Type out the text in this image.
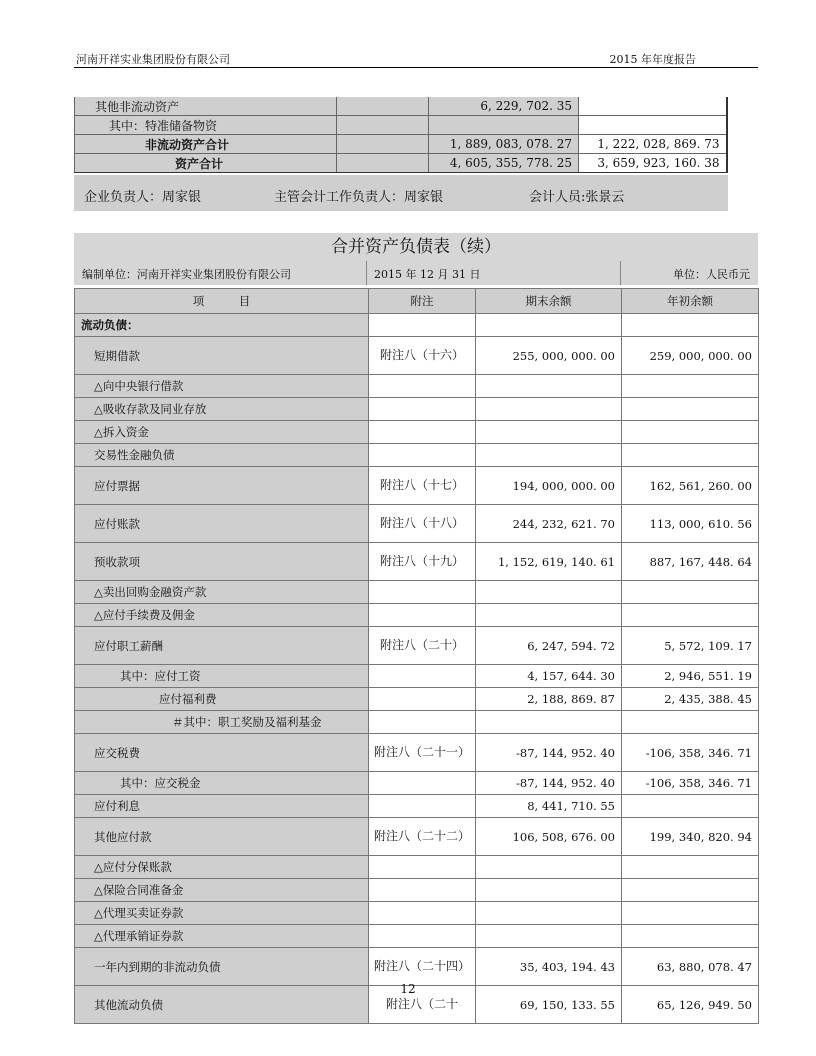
河南开祥实业集团股份有限公司	2015 年年度报告
其他非流动资产		6, 229, 702. 35	
其中：特准储备物资			
非流动资产合计		1, 889, 083, 078. 27	1, 222, 028, 869. 73
资产合计		4, 605, 355, 778. 25	3, 659, 923, 160. 38
企业负责人：周家银	主管会计工作负责人：周家银	会计人员:张景云
合并资产负债表（续）
编制单位：河南开祥实业集团股份有限公司	2015 年 12 月 31 日	单位：人民币元
项　　　目	附注	期末余额	年初余额
流动负债：			
短期借款	附注八（十六）	255, 000, 000. 00	259, 000, 000. 00
△向中央银行借款			
△吸收存款及同业存放			
△拆入资金			
交易性金融负债			
应付票据	附注八（十七）	194, 000, 000. 00	162, 561, 260. 00
应付账款	附注八（十八）	244, 232, 621. 70	113, 000, 610. 56
预收款项	附注八（十九）	1, 152, 619, 140. 61	887, 167, 448. 64
△卖出回购金融资产款			
△应付手续费及佣金			
应付职工薪酬	附注八（二十）	6, 247, 594. 72	5, 572, 109. 17
其中：应付工资		4, 157, 644. 30	2, 946, 551. 19
应付福利费		2, 188, 869. 87	2, 435, 388. 45
＃其中：职工奖励及福利基金			
应交税费	附注八（二十一）	-87, 144, 952. 40	-106, 358, 346. 71
其中：应交税金		-87, 144, 952. 40	-106, 358, 346. 71
应付利息		8, 441, 710. 55	
其他应付款	附注八（二十二）	106, 508, 676. 00	199, 340, 820. 94
△应付分保账款			
△保险合同准备金			
△代理买卖证券款			
△代理承销证券款			
一年内到期的非流动负债	附注八（二十四）	35, 403, 194. 43	63, 880, 078. 47
其他流动负债	附注八（二十	69, 150, 133. 55	65, 126, 949. 50
12
